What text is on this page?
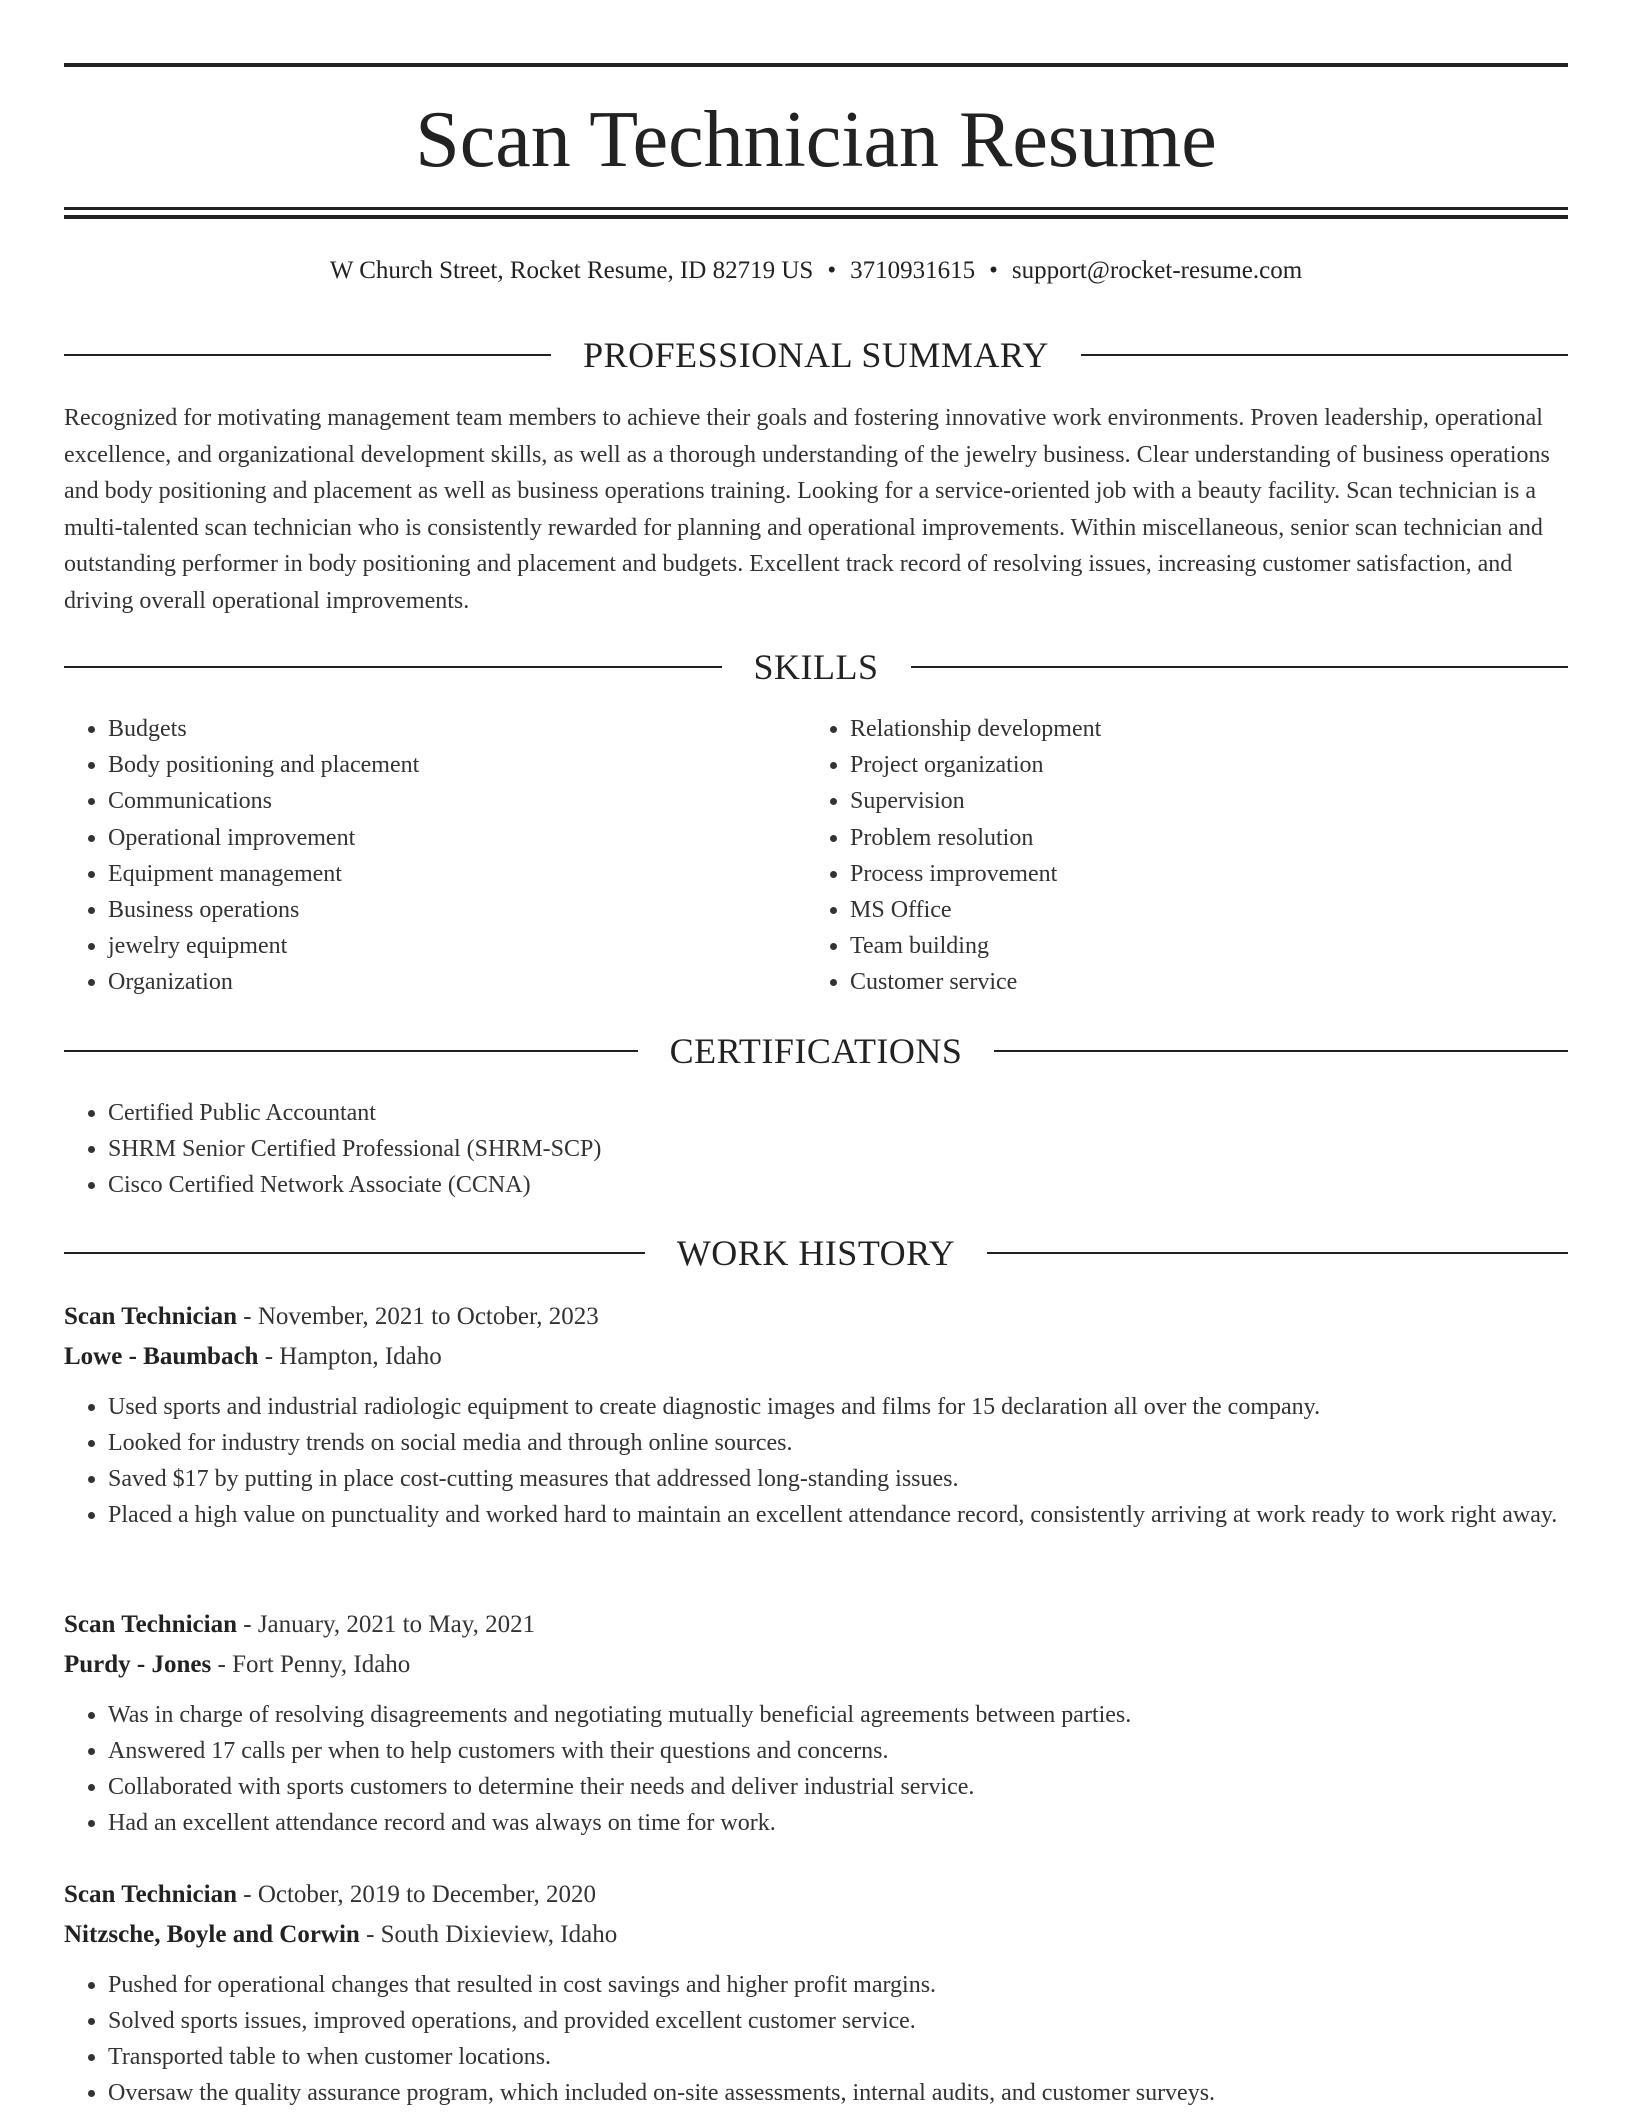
Scan Technician Resume
W Church Street, Rocket Resume, ID 82719 US • 3710931615 • support@rocket-resume.com
PROFESSIONAL SUMMARY

Recognized for motivating management team members to achieve their goals and fostering innovative work environments. Proven leadership, operational excellence, and organizational development skills, as well as a thorough understanding of the jewelry business. Clear understanding of business operations and body positioning and placement as well as business operations training. Looking for a service-oriented job with a beauty facility. Scan technician is a multi-talented scan technician who is consistently rewarded for planning and operational improvements. Within miscellaneous, senior scan technician and outstanding performer in body positioning and placement and budgets. Excellent track record of resolving issues, increasing customer satisfaction, and driving overall operational improvements.

SKILLS
• Budgets
• Body positioning and placement
• Communications
• Operational improvement
• Equipment management
• Business operations
• jewelry equipment
• Organization
• Relationship development
• Project organization
• Supervision
• Problem resolution
• Process improvement
• MS Office
• Team building
• Customer service
CERTIFICATIONS
• Certified Public Accountant
• SHRM Senior Certified Professional (SHRM-SCP)
• Cisco Certified Network Associate (CCNA)
WORK HISTORY
Scan Technician - November, 2021 to October, 2023
Lowe - Baumbach - Hampton, Idaho
• Used sports and industrial radiologic equipment to create diagnostic images and films for 15 declaration all over the company.
• Looked for industry trends on social media and through online sources.
• Saved $17 by putting in place cost-cutting measures that addressed long-standing issues.
• Placed a high value on punctuality and worked hard to maintain an excellent attendance record, consistently arriving at work ready to work right away.
Scan Technician - January, 2021 to May, 2021
Purdy - Jones - Fort Penny, Idaho
• Was in charge of resolving disagreements and negotiating mutually beneficial agreements between parties.
• Answered 17 calls per when to help customers with their questions and concerns.
• Collaborated with sports customers to determine their needs and deliver industrial service.
• Had an excellent attendance record and was always on time for work.
Scan Technician - October, 2019 to December, 2020
Nitzsche, Boyle and Corwin - South Dixieview, Idaho
• Pushed for operational changes that resulted in cost savings and higher profit margins.
• Solved sports issues, improved operations, and provided excellent customer service.
• Transported table to when customer locations.
• Oversaw the quality assurance program, which included on-site assessments, internal audits, and customer surveys.
